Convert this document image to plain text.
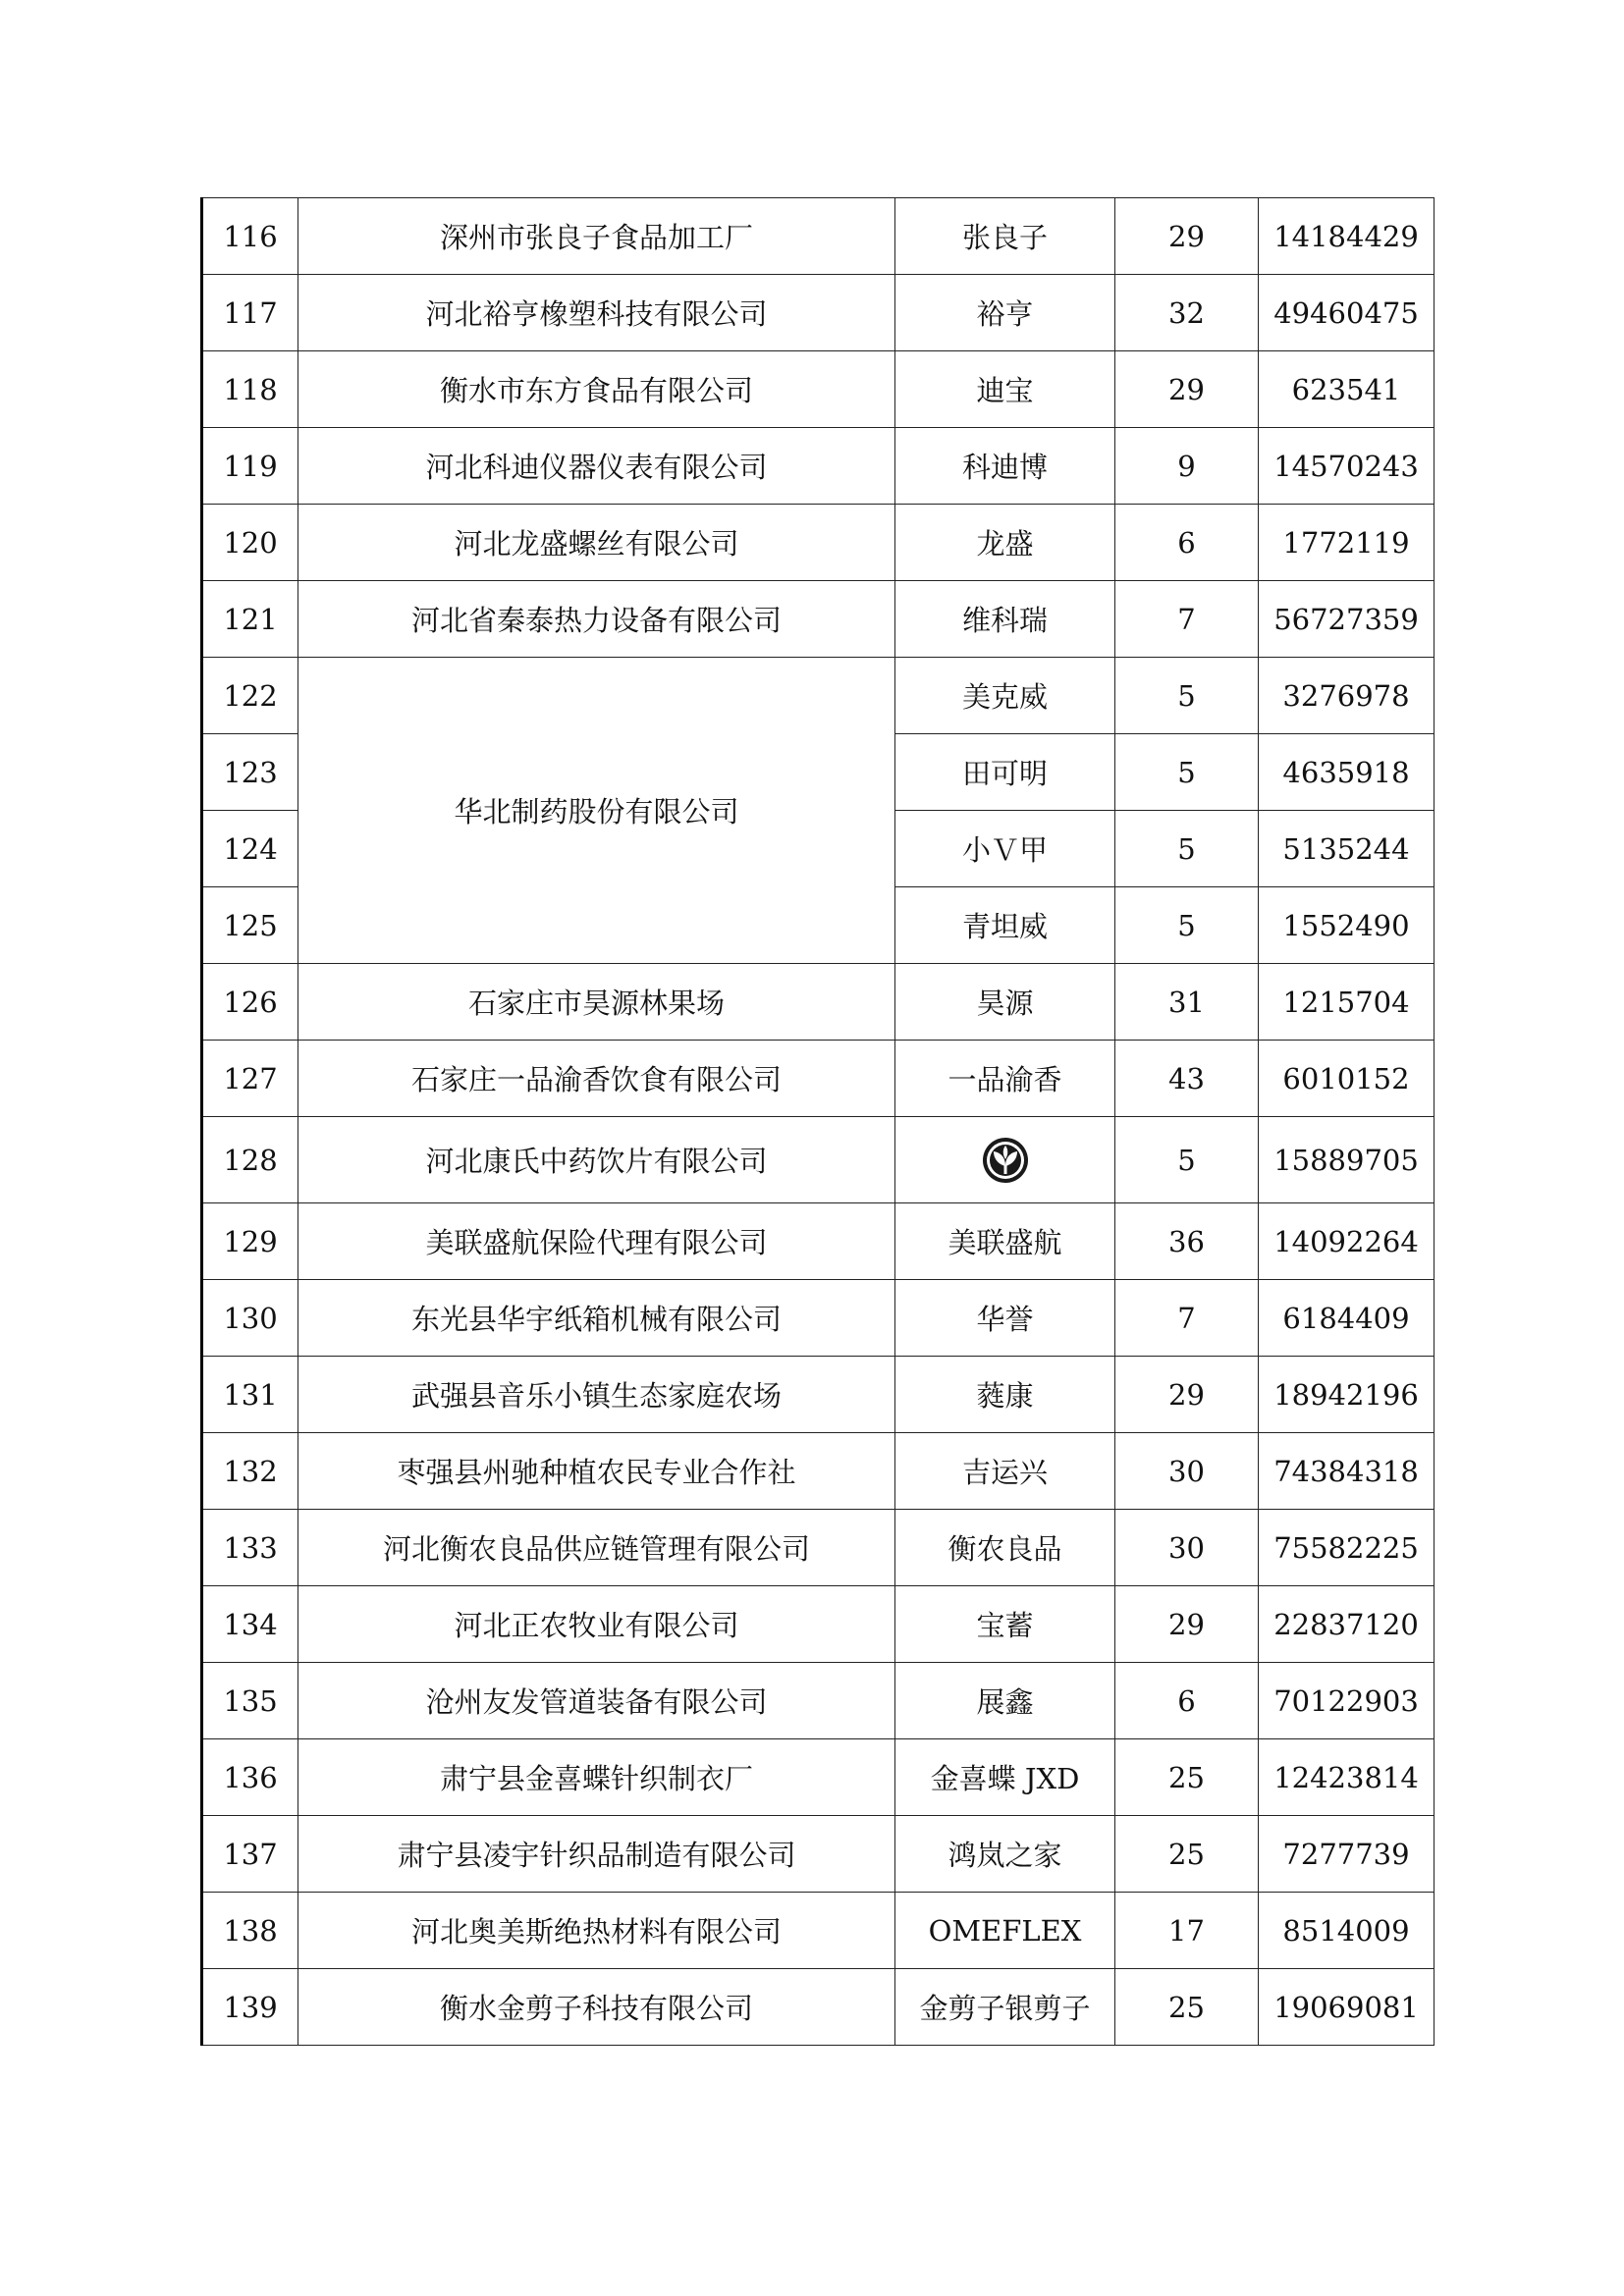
116	深州市张良子食品加工厂	张良子	29	14184429
117	河北裕亨橡塑科技有限公司	裕亨	32	49460475
118	衡水市东方食品有限公司	迪宝	29	623541
119	河北科迪仪器仪表有限公司	科迪博	9	14570243
120	河北龙盛螺丝有限公司	龙盛	6	1772119
121	河北省秦泰热力设备有限公司	维科瑞	7	56727359
122	华北制药股份有限公司	美克威	5	3276978
123		田可明	5	4635918
124		小Ｖ甲	5	5135244
125		青坦威	5	1552490
126	石家庄市昊源林果场	昊源	31	1215704
127	石家庄一品渝香饮食有限公司	一品渝香	43	6010152
128	河北康氏中药饮片有限公司		5	15889705
129	美联盛航保险代理有限公司	美联盛航	36	14092264
130	东光县华宇纸箱机械有限公司	华誉	7	6184409
131	武强县音乐小镇生态家庭农场	蕤康	29	18942196
132	枣强县州驰种植农民专业合作社	吉运兴	30	74384318
133	河北衡农良品供应链管理有限公司	衡农良品	30	75582225
134	河北正农牧业有限公司	宝蓄	29	22837120
135	沧州友发管道装备有限公司	展鑫	6	70122903
136	肃宁县金喜蝶针织制衣厂	金喜蝶 JXD	25	12423814
137	肃宁县凌宇针织品制造有限公司	鸿岚之家	25	7277739
138	河北奥美斯绝热材料有限公司	OMEFLEX	17	8514009
139	衡水金剪子科技有限公司	金剪子银剪子	25	19069081
